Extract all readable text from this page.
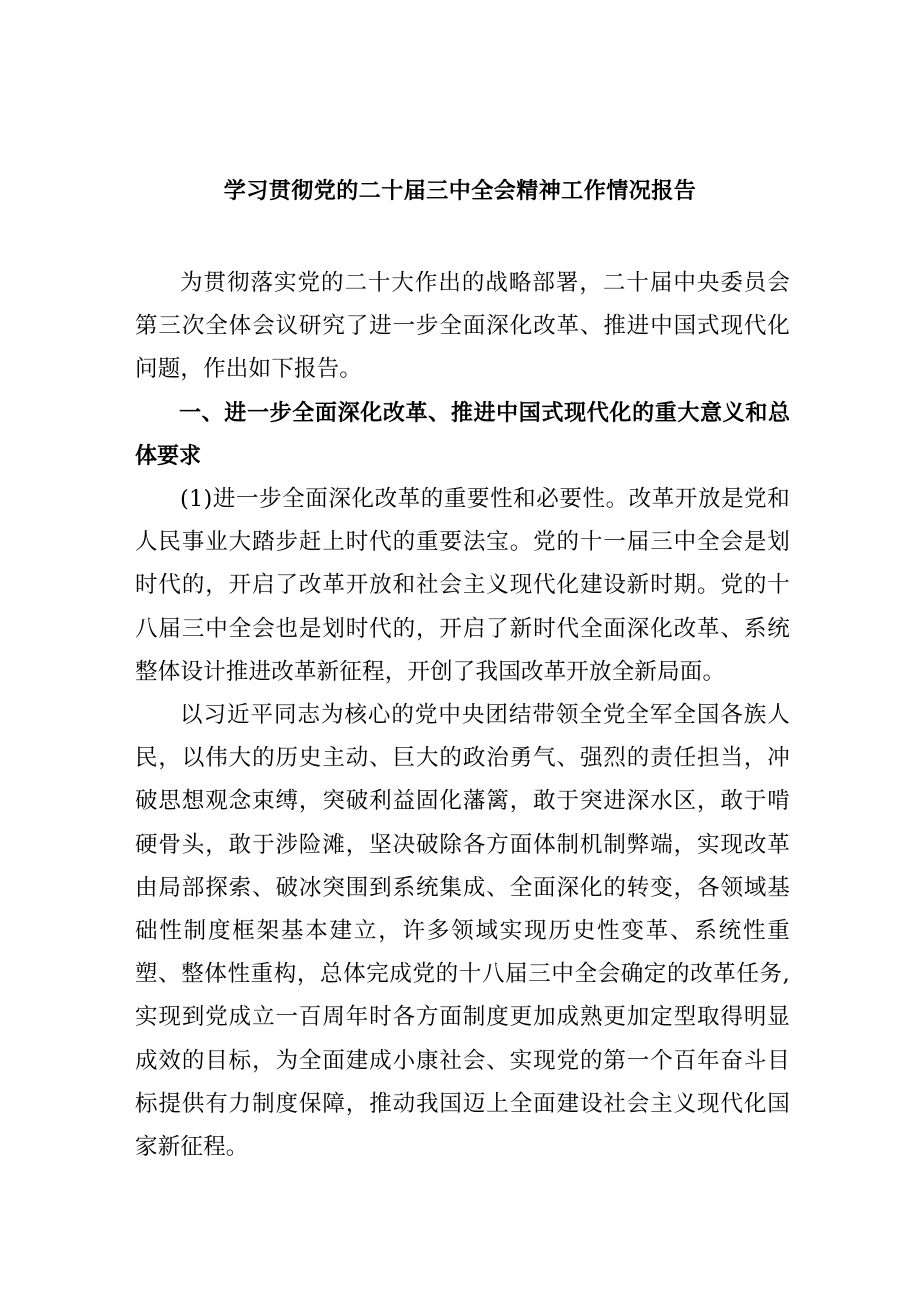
学习贯彻党的二十届三中全会精神工作情况报告

为贯彻落实党的二十大作出的战略部署，二十届中央委员会第三次全体会议研究了进一步全面深化改革、推进中国式现代化问题，作出如下报告。

一、进一步全面深化改革、推进中国式现代化的重大意义和总体要求

(1)进一步全面深化改革的重要性和必要性。改革开放是党和人民事业大踏步赶上时代的重要法宝。党的十一届三中全会是划时代的，开启了改革开放和社会主义现代化建设新时期。党的十八届三中全会也是划时代的，开启了新时代全面深化改革、系统整体设计推进改革新征程，开创了我国改革开放全新局面。

以习近平同志为核心的党中央团结带领全党全军全国各族人民，以伟大的历史主动、巨大的政治勇气、强烈的责任担当，冲破思想观念束缚，突破利益固化藩篱，敢于突进深水区，敢于啃硬骨头，敢于涉险滩，坚决破除各方面体制机制弊端，实现改革由局部探索、破冰突围到系统集成、全面深化的转变，各领域基础性制度框架基本建立，许多领域实现历史性变革、系统性重塑、整体性重构，总体完成党的十八届三中全会确定的改革任务,实现到党成立一百周年时各方面制度更加成熟更加定型取得明显成效的目标，为全面建成小康社会、实现党的第一个百年奋斗目标提供有力制度保障，推动我国迈上全面建设社会主义现代化国家新征程。
